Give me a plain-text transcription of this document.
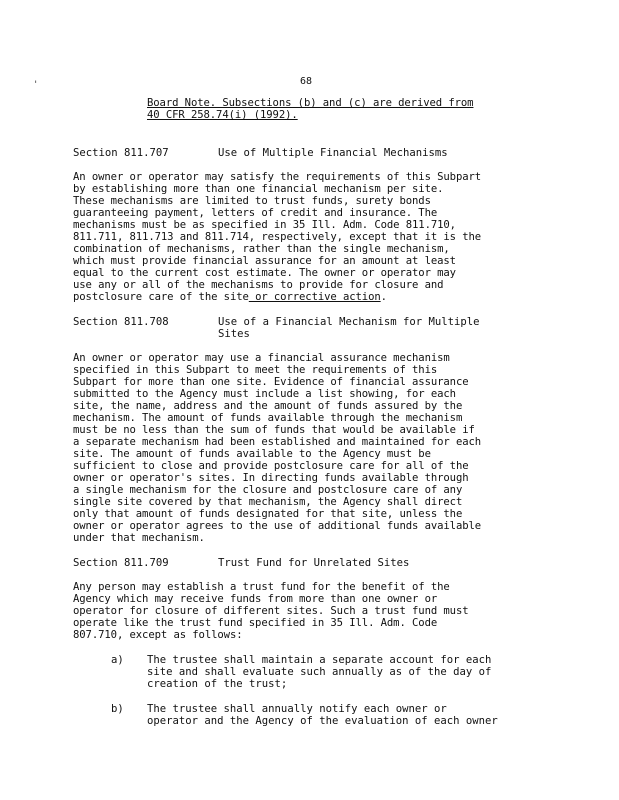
'	68
Board Note. Subsections (b) and (c) are derived from
40 CFR 258.74(i) (1992).
Section 811.707	Use of Multiple Financial Mechanisms
An owner or operator may satisfy the requirements of this Subpart
by establishing more than one financial mechanism per site.
These mechanisms are limited to trust funds, surety bonds
guaranteeing payment, letters of credit and insurance. The
mechanisms must be as specified in 35 Ill. Adm. Code 811.710,
811.711, 811.713 and 811.714, respectively, except that it is the
combination of mechanisms, rather than the single mechanism,
which must provide financial assurance for an amount at least
equal to the current cost estimate. The owner or operator may
use any or all of the mechanisms to provide for closure and
postclosure care of the site or corrective action.
Section 811.708	Use of a Financial Mechanism for Multiple
Sites
An owner or operator may use a financial assurance mechanism
specified in this Subpart to meet the requirements of this
Subpart for more than one site. Evidence of financial assurance
submitted to the Agency must include a list showing, for each
site, the name, address and the amount of funds assured by the
mechanism. The amount of funds available through the mechanism
must be no less than the sum of funds that would be available if
a separate mechanism had been established and maintained for each
site. The amount of funds available to the Agency must be
sufficient to close and provide postclosure care for all of the
owner or operator's sites. In directing funds available through
a single mechanism for the closure and postclosure care of any
single site covered by that mechanism, the Agency shall direct
only that amount of funds designated for that site, unless the
owner or operator agrees to the use of additional funds available
under that mechanism.
Section 811.709	Trust Fund for Unrelated Sites
Any person may establish a trust fund for the benefit of the
Agency which may receive funds from more than one owner or
operator for closure of different sites. Such a trust fund must
operate like the trust fund specified in 35 Ill. Adm. Code
807.710, except as follows:
a) The trustee shall maintain a separate account for each
site and shall evaluate such annually as of the day of
creation of the trust;
b) The trustee shall annually notify each owner or
operator and the Agency of the evaluation of each owner
